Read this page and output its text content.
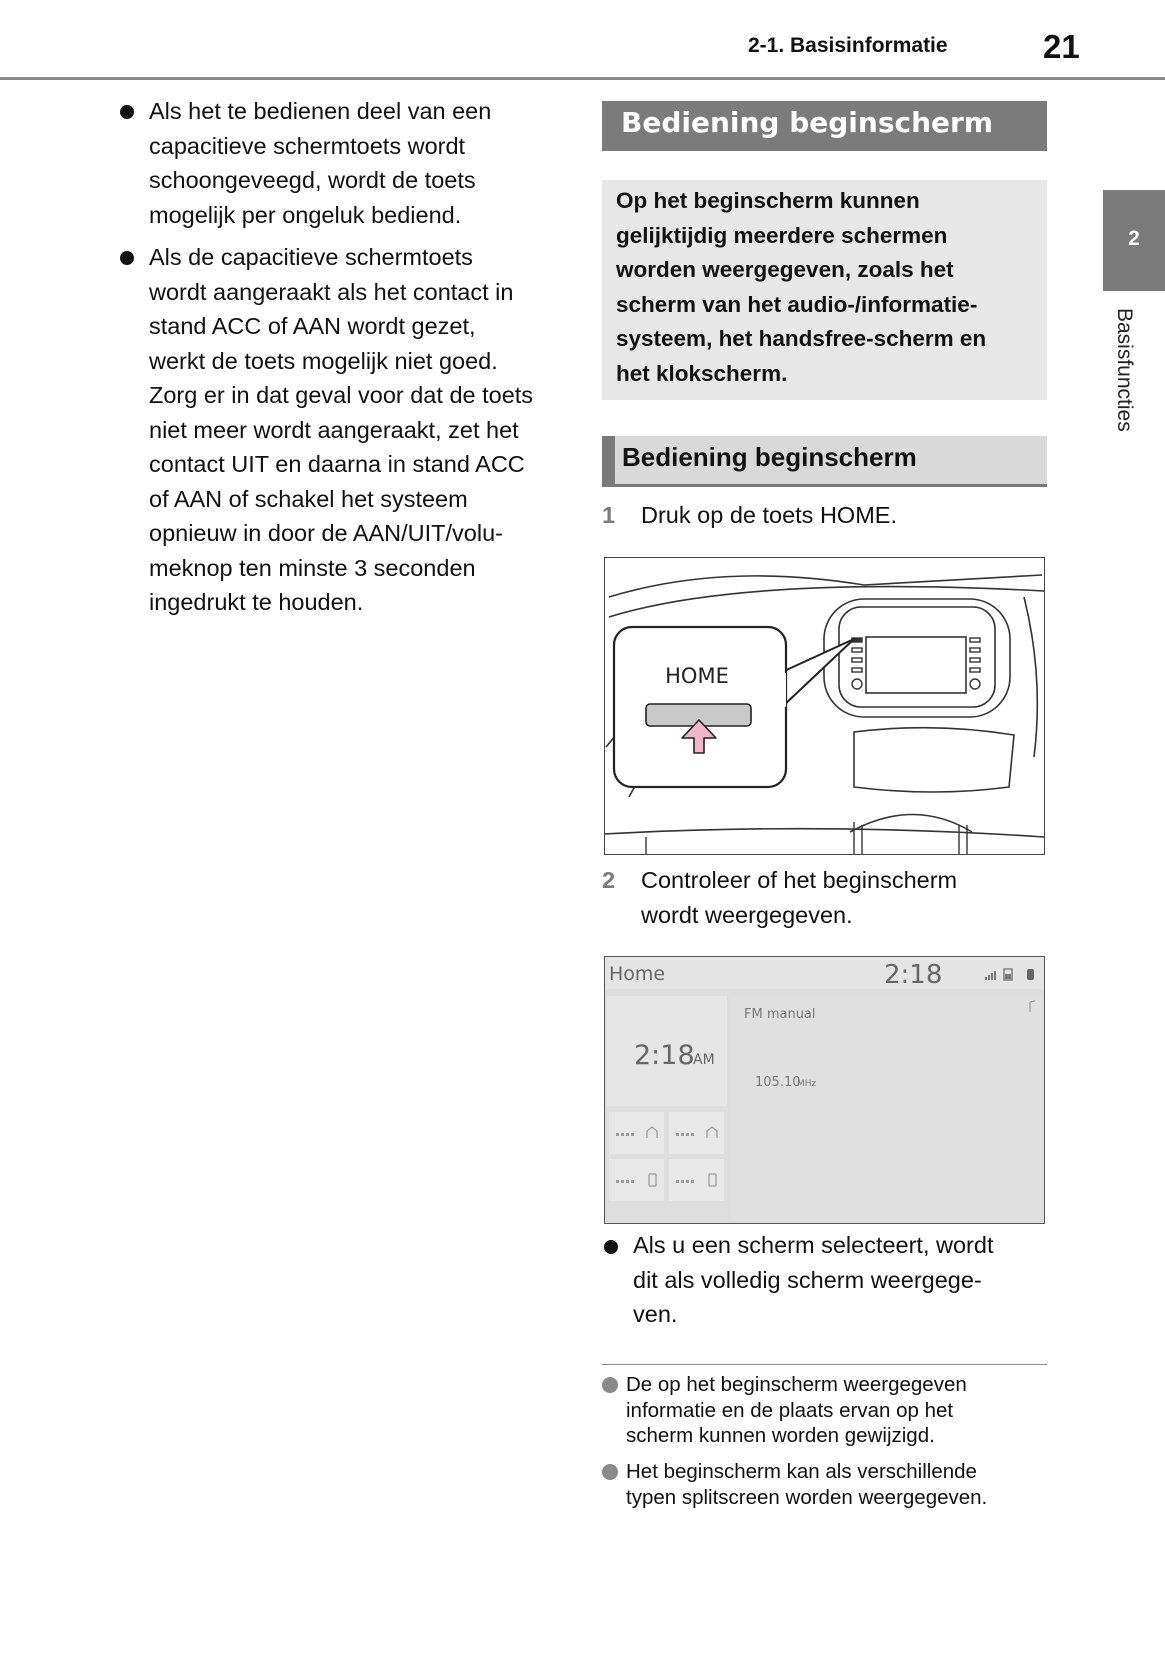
2-1. Basisinformatie	21
2
Basisfuncties
Als het te bedienen deel van een
capacitieve schermtoets wordt
schoongeveegd, wordt de toets
mogelijk per ongeluk bediend.
Als de capacitieve schermtoets
wordt aangeraakt als het contact in
stand ACC of AAN wordt gezet,
werkt de toets mogelijk niet goed.
Zorg er in dat geval voor dat de toets
niet meer wordt aangeraakt, zet het
contact UIT en daarna in stand ACC
of AAN of schakel het systeem
opnieuw in door de AAN/UIT/volu-
meknop ten minste 3 seconden
ingedrukt te houden.
Bediening beginscherm
Op het beginscherm kunnen
gelijktijdig meerdere schermen
worden weergegeven, zoals het
scherm van het audio-/informatie-
systeem, het handsfree-scherm en
het klokscherm.
Bediening beginscherm
1 Druk op de toets HOME.
HOME
2 Controleer of het beginscherm
wordt weergegeven.
Home	2:18
2:18
AM
FM manual
105.10
MHz
Als u een scherm selecteert, wordt
dit als volledig scherm weergege-
ven.
De op het beginscherm weergegeven
informatie en de plaats ervan op het
scherm kunnen worden gewijzigd.
Het beginscherm kan als verschillende
typen splitscreen worden weergegeven.
